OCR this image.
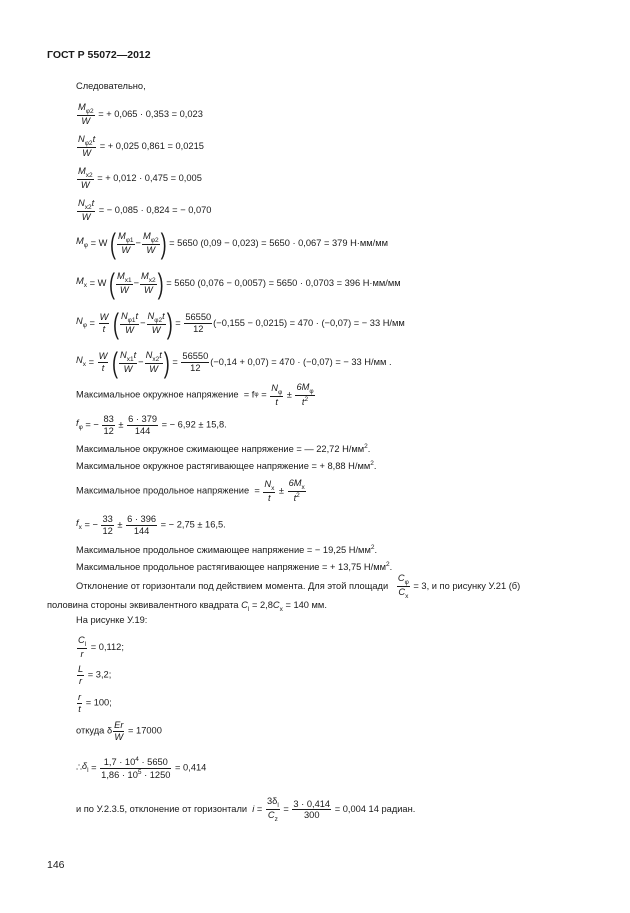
ГОСТ Р 55072—2012
Следовательно,
$\frac{M_{\varphi 2}}{W}$ = + 0,065 · 0,353 = 0,023
$\frac{N_{\varphi 2}t}{W}$ = + 0,025 0,861 = 0,0215
$\frac{M_{x2}}{W}$ = + 0,012 · 0,475 = 0,005
$\frac{N_{x2}t}{W}$ = − 0,085 · 0,824 = − 0,070
$M_\varphi = W$ ( $\frac{M_{\varphi 1}}{W} - \frac{M_{\varphi 2}}{W}$ ) = 5650 (0,09 − 0,023) = 5650 · 0,067 = 379 Н·мм/мм
$M_x = W$ ( $\frac{M_{x1}}{W} - \frac{M_{x2}}{W}$ ) = 5650 (0,076 − 0,0057) = 5650 · 0,0703 = 396 Н·мм/мм
$N_\varphi = \frac{W}{t}$ ( $\frac{N_{\varphi 1}t}{W} - \frac{N_{\varphi 2}t}{W}$ ) = $\frac{56550}{12} (-0,155 - 0,0215) = 470 \cdot (-0,07)$ = − 33 Н/мм
$N_x = \frac{W}{t}$ ( $\frac{N_{x1}t}{W} - \frac{N_{x2}t}{W}$ ) = $\frac{56550}{12} (-0,14 + 0,07) = 470 \cdot (-0,07)$ = − 33 Н/мм .
Максимальное окружное напряжение = $f\varphi = \frac{N_\varphi}{t} \pm \frac{6M_\varphi}{t^2}$
$f_\varphi$ = − $\frac{83}{12} \pm \frac{6 \cdot 379}{144}$ = − 6,92 ± 15,8.
Максимальное окружное сжимающее напряжение = — 22,72 $Н/мм^2$.
Максимальное окружное растягивающее напряжение = + 8,88 $Н/мм^2$.
Максимальное продольное напряжение = $\frac{N_x}{t} \pm \frac{6M_x}{t^2}$
$f_x$ = − $\frac{33}{12} \pm \frac{6 \cdot 396}{144}$ = − 2,75 ± 16,5.
Максимальное продольное сжимающее напряжение = − 19,25 $Н/мм^2$.
Максимальное продольное растягивающее напряжение = + 13,75 $Н/мм^2$.
Отклонение от горизонтали под действием момента. Для этой площади $\frac{C_\varphi}{C_x} = 3$, и по рисунку У.21 (б)
половина стороны эквивалентного квадрата $C_l = 2,8C_x = 140$ мм.
На рисунке У.19:
$\frac{C_l}{r} = 0,112$;
$\frac{L}{r} = 3,2$;
$\frac{r}{t} = 100$;
откуда δ $\frac{Er}{W} = 17000$
$\therefore\delta_l = \frac{1,7 \cdot 10^4 \cdot 5650}{1,86 \cdot 10^5 \cdot 1250} = 0,414$
и по У.2.3.5, отклонение от горизонтали $i = \frac{3\delta_l}{C_z} = \frac{3 \cdot 0,414}{300} = 0,004$ 14 радиан.
146
